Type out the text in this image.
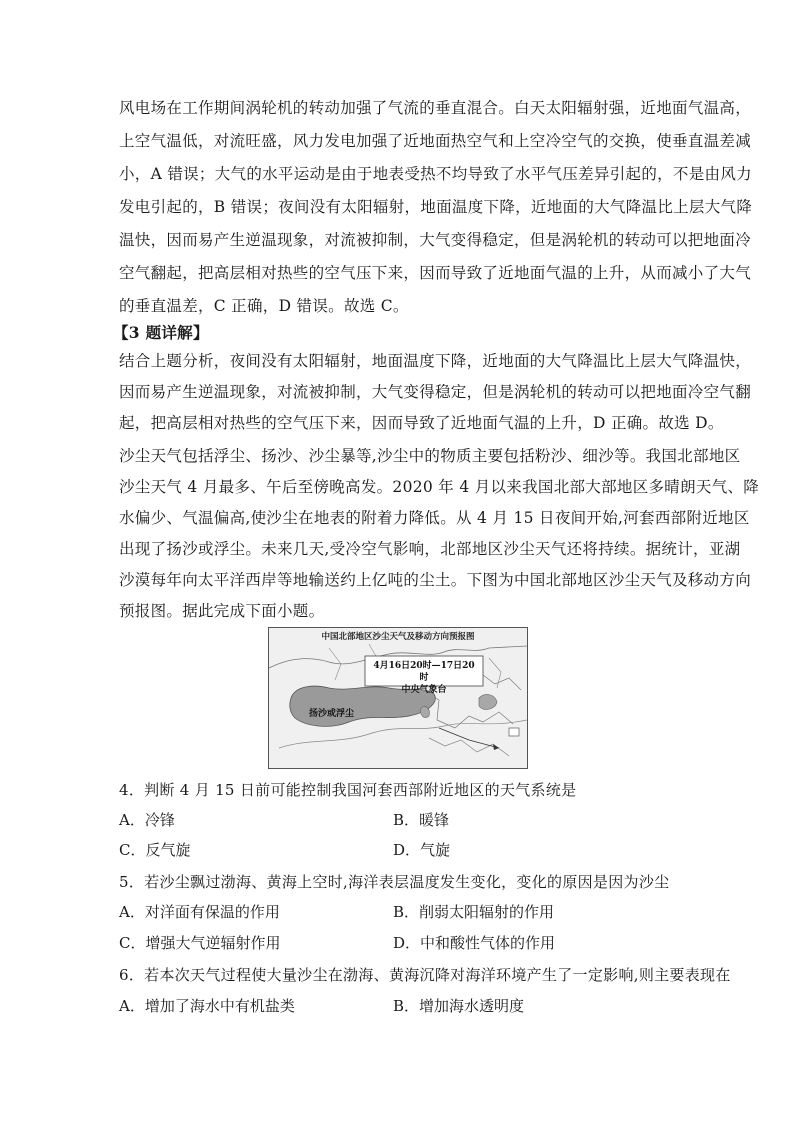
风电场在工作期间涡轮机的转动加强了气流的垂直混合。白天太阳辐射强，近地面气温高，
上空气温低，对流旺盛，风力发电加强了近地面热空气和上空冷空气的交换，使垂直温差减
小，A 错误；大气的水平运动是由于地表受热不均导致了水平气压差异引起的，不是由风力
发电引起的，B 错误；夜间没有太阳辐射，地面温度下降，近地面的大气降温比上层大气降
温快，因而易产生逆温现象，对流被抑制，大气变得稳定，但是涡轮机的转动可以把地面冷
空气翻起，把高层相对热些的空气压下来，因而导致了近地面气温的上升，从而减小了大气
的垂直温差，C 正确，D 错误。故选 C。
【3 题详解】
结合上题分析，夜间没有太阳辐射，地面温度下降，近地面的大气降温比上层大气降温快，
因而易产生逆温现象，对流被抑制，大气变得稳定，但是涡轮机的转动可以把地面冷空气翻
起，把高层相对热些的空气压下来，因而导致了近地面气温的上升，D 正确。故选 D。
沙尘天气包括浮尘、扬沙、沙尘暴等,沙尘中的物质主要包括粉沙、细沙等。我国北部地区
沙尘天气 4 月最多、午后至傍晚高发。2020 年 4 月以来我国北部大部地区多晴朗天气、降
水偏少、气温偏高,使沙尘在地表的附着力降低。从 4 月 15 日夜间开始,河套西部附近地区
出现了扬沙或浮尘。未来几天,受冷空气影响，北部地区沙尘天气还将持续。据统计，亚湖
沙漠每年向太平洋西岸等地输送约上亿吨的尘土。下图为中国北部地区沙尘天气及移动方向
预报图。据此完成下面小题。
中国北部地区沙尘天气及移动方向预报图
4月16日20时—17日20时
中央气象台
扬沙或浮尘
4．判断 4 月 15 日前可能控制我国河套西部附近地区的天气系统是
A．冷锋	B．暖锋
C．反气旋	D．气旋
5．若沙尘飘过渤海、黄海上空时,海洋表层温度发生变化，变化的原因是因为沙尘
A．对洋面有保温的作用	B．削弱太阳辐射的作用
C．增强大气逆辐射作用	D．中和酸性气体的作用
6．若本次天气过程使大量沙尘在渤海、黄海沉降对海洋环境产生了一定影响,则主要表现在
A．增加了海水中有机盐类	B．增加海水透明度
